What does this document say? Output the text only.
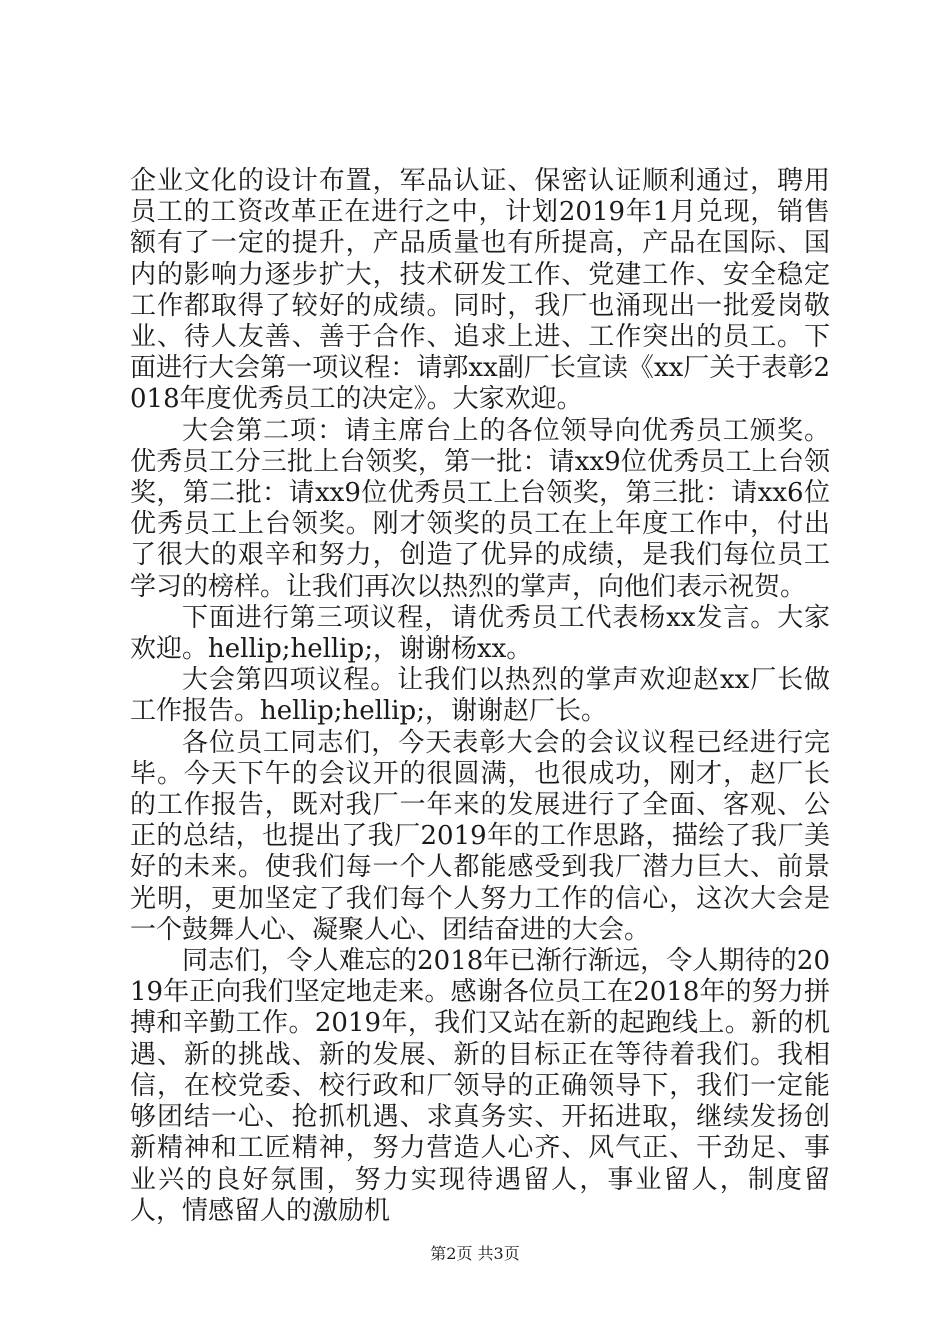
企业文化的设计布置，军品认证、保密认证顺利通过，聘用员工的工资改革正在进行之中，计划2019年1月兑现，销售额有了一定的提升，产品质量也有所提高，产品在国际、国内的影响力逐步扩大，技术研发工作、党建工作、安全稳定工作都取得了较好的成绩。同时，我厂也涌现出一批爱岗敬业、待人友善、善于合作、追求上进、工作突出的员工。下面进行大会第一项议程：请郭xx副厂长宣读《xx厂关于表彰2018年度优秀员工的决定》。大家欢迎。

大会第二项：请主席台上的各位领导向优秀员工颁奖。优秀员工分三批上台领奖，第一批：请xx9位优秀员工上台领奖，第二批：请xx9位优秀员工上台领奖，第三批：请xx6位优秀员工上台领奖。刚才领奖的员工在上年度工作中，付出了很大的艰辛和努力，创造了优异的成绩，是我们每位员工学习的榜样。让我们再次以热烈的掌声，向他们表示祝贺。

下面进行第三项议程，请优秀员工代表杨xx发言。大家欢迎。hellip;hellip;，谢谢杨xx。

大会第四项议程。让我们以热烈的掌声欢迎赵xx厂长做工作报告。hellip;hellip;，谢谢赵厂长。

各位员工同志们，今天表彰大会的会议议程已经进行完毕。今天下午的会议开的很圆满，也很成功，刚才，赵厂长的工作报告，既对我厂一年来的发展进行了全面、客观、公正的总结，也提出了我厂2019年的工作思路，描绘了我厂美好的未来。使我们每一个人都能感受到我厂潜力巨大、前景光明，更加坚定了我们每个人努力工作的信心，这次大会是一个鼓舞人心、凝聚人心、团结奋进的大会。

同志们，令人难忘的2018年已渐行渐远，令人期待的2019年正向我们坚定地走来。感谢各位员工在2018年的努力拼搏和辛勤工作。2019年，我们又站在新的起跑线上。新的机遇、新的挑战、新的发展、新的目标正在等待着我们。我相信，在校党委、校行政和厂领导的正确领导下，我们一定能够团结一心、抢抓机遇、求真务实、开拓进取，继续发扬创新精神和工匠精神，努力营造人心齐、风气正、干劲足、事业兴的良好氛围，努力实现待遇留人，事业留人，制度留人，情感留人的激励机

第2页 共3页
